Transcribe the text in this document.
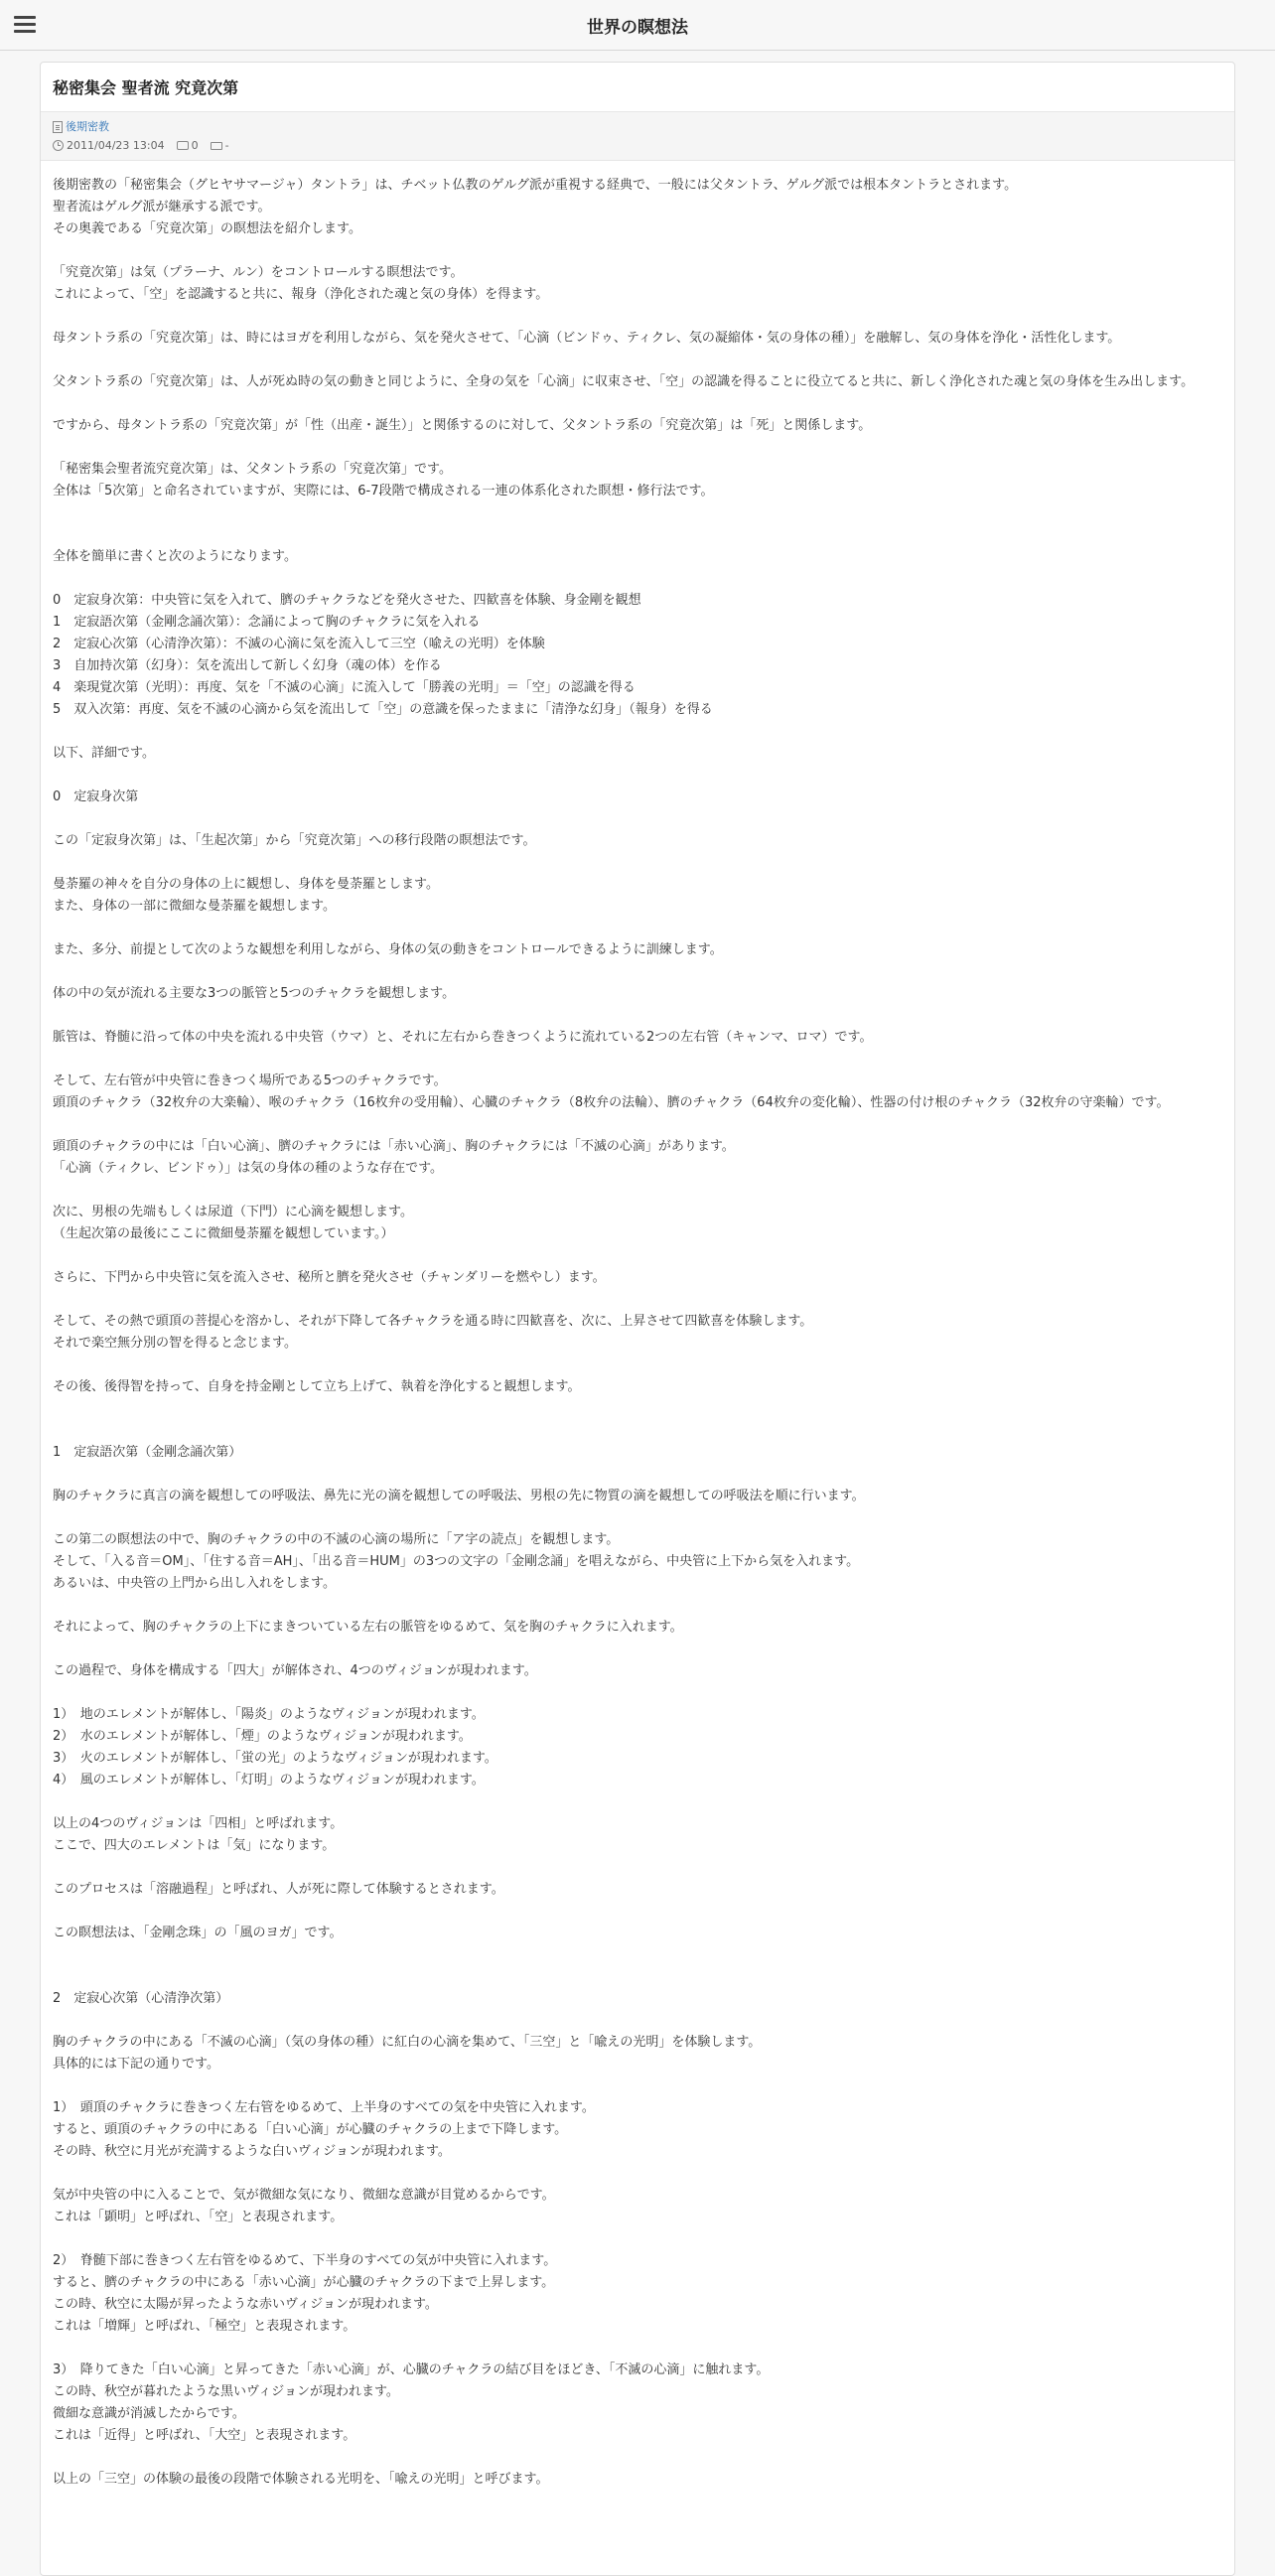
世界の瞑想法
秘密集会 聖者流 究竟次第
後期密教
2011/04/23 13:04 0 -

後期密教の「秘密集会（グヒヤサマージャ）タントラ」は、チベット仏教のゲルグ派が重視する経典で、一般には父タントラ、ゲルグ派では根本タントラとされます。

聖者流はゲルグ派が継承する派です。

その奥義である「究竟次第」の瞑想法を紹介します。

「究竟次第」は気（プラーナ、ルン）をコントロールする瞑想法です。

これによって、「空」を認識すると共に、報身（浄化された魂と気の身体）を得ます。

母タントラ系の「究竟次第」は、時にはヨガを利用しながら、気を発火させて、「心滴（ビンドゥ、ティクレ、気の凝縮体・気の身体の種）」を融解し、気の身体を浄化・活性化します。

父タントラ系の「究竟次第」は、人が死ぬ時の気の動きと同じように、全身の気を「心滴」に収束させ、「空」の認識を得ることに役立てると共に、新しく浄化された魂と気の身体を生み出します。

ですから、母タントラ系の「究竟次第」が「性（出産・誕生）」と関係するのに対して、父タントラ系の「究竟次第」は「死」と関係します。

「秘密集会聖者流究竟次第」は、父タントラ系の「究竟次第」です。

全体は「5次第」と命名されていますが、実際には、6-7段階で構成される一連の体系化された瞑想・修行法です。

全体を簡単に書くと次のようになります。

0　定寂身次第：中央管に気を入れて、臍のチャクラなどを発火させた、四歓喜を体験、身金剛を観想

1　定寂語次第（金剛念誦次第）：念誦によって胸のチャクラに気を入れる

2　定寂心次第（心清浄次第）：不滅の心滴に気を流入して三空（喩えの光明）を体験

3　自加持次第（幻身）：気を流出して新しく幻身（魂の体）を作る

4　楽現覚次第（光明）：再度、気を「不滅の心滴」に流入して「勝義の光明」＝「空」の認識を得る

5　双入次第：再度、気を不滅の心滴から気を流出して「空」の意識を保ったままに「清浄な幻身」（報身）を得る

以下、詳細です。

0　定寂身次第

この「定寂身次第」は、「生起次第」から「究竟次第」への移行段階の瞑想法です。

曼荼羅の神々を自分の身体の上に観想し、身体を曼荼羅とします。

また、身体の一部に微細な曼荼羅を観想します。

また、多分、前提として次のような観想を利用しながら、身体の気の動きをコントロールできるように訓練します。

体の中の気が流れる主要な3つの脈管と5つのチャクラを観想します。

脈管は、脊髄に沿って体の中央を流れる中央管（ウマ）と、それに左右から巻きつくように流れている2つの左右管（キャンマ、ロマ）です。

そして、左右管が中央管に巻きつく場所である5つのチャクラです。

頭頂のチャクラ（32枚弁の大楽輪）、喉のチャクラ（16枚弁の受用輪）、心臓のチャクラ（8枚弁の法輪）、臍のチャクラ（64枚弁の変化輪）、性器の付け根のチャクラ（32枚弁の守楽輪）です。

頭頂のチャクラの中には「白い心滴」、臍のチャクラには「赤い心滴」、胸のチャクラには「不滅の心滴」があります。

「心滴（ティクレ、ビンドゥ）」は気の身体の種のような存在です。

次に、男根の先端もしくは尿道（下門）に心滴を観想します。

（生起次第の最後にここに微細曼荼羅を観想しています。）

さらに、下門から中央管に気を流入させ、秘所と臍を発火させ（チャンダリーを燃やし）ます。

そして、その熱で頭頂の菩提心を溶かし、それが下降して各チャクラを通る時に四歓喜を、次に、上昇させて四歓喜を体験します。

それで楽空無分別の智を得ると念じます。

その後、後得智を持って、自身を持金剛として立ち上げて、執着を浄化すると観想します。

1　定寂語次第（金剛念誦次第）

胸のチャクラに真言の滴を観想しての呼吸法、鼻先に光の滴を観想しての呼吸法、男根の先に物質の滴を観想しての呼吸法を順に行います。

この第二の瞑想法の中で、胸のチャクラの中の不滅の心滴の場所に「ア字の読点」を観想します。

そして、「入る音＝OM」、「住する音＝AH」、「出る音＝HUM」の3つの文字の「金剛念誦」を唱えながら、中央管に上下から気を入れます。

あるいは、中央管の上門から出し入れをします。

それによって、胸のチャクラの上下にまきついている左右の脈管をゆるめて、気を胸のチャクラに入れます。

この過程で、身体を構成する「四大」が解体され、4つのヴィジョンが現われます。

1）　地のエレメントが解体し、「陽炎」のようなヴィジョンが現われます。

2）　水のエレメントが解体し、「煙」のようなヴィジョンが現われます。

3）　火のエレメントが解体し、「蛍の光」のようなヴィジョンが現われます。

4）　風のエレメントが解体し、「灯明」のようなヴィジョンが現われます。

以上の4つのヴィジョンは「四相」と呼ばれます。

ここで、四大のエレメントは「気」になります。

このプロセスは「溶融過程」と呼ばれ、人が死に際して体験するとされます。

この瞑想法は、「金剛念珠」の「風のヨガ」です。

2　定寂心次第（心清浄次第）

胸のチャクラの中にある「不滅の心滴」（気の身体の種）に紅白の心滴を集めて、「三空」と「喩えの光明」を体験します。

具体的には下記の通りです。

1）　頭頂のチャクラに巻きつく左右管をゆるめて、上半身のすべての気を中央管に入れます。

すると、頭頂のチャクラの中にある「白い心滴」が心臓のチャクラの上まで下降します。

その時、秋空に月光が充満するような白いヴィジョンが現われます。

気が中央管の中に入ることで、気が微細な気になり、微細な意識が目覚めるからです。

これは「顕明」と呼ばれ、「空」と表現されます。

2）　脊髄下部に巻きつく左右管をゆるめて、下半身のすべての気が中央管に入れます。

すると、臍のチャクラの中にある「赤い心滴」が心臓のチャクラの下まで上昇します。

この時、秋空に太陽が昇ったような赤いヴィジョンが現われます。

これは「増輝」と呼ばれ、「極空」と表現されます。

3）　降りてきた「白い心滴」と昇ってきた「赤い心滴」が、心臓のチャクラの結び目をほどき、「不滅の心滴」に触れます。

この時、秋空が暮れたような黒いヴィジョンが現われます。

微細な意識が消滅したからです。

これは「近得」と呼ばれ、「大空」と表現されます。

以上の「三空」の体験の最後の段階で体験される光明を、「喩えの光明」と呼びます。
